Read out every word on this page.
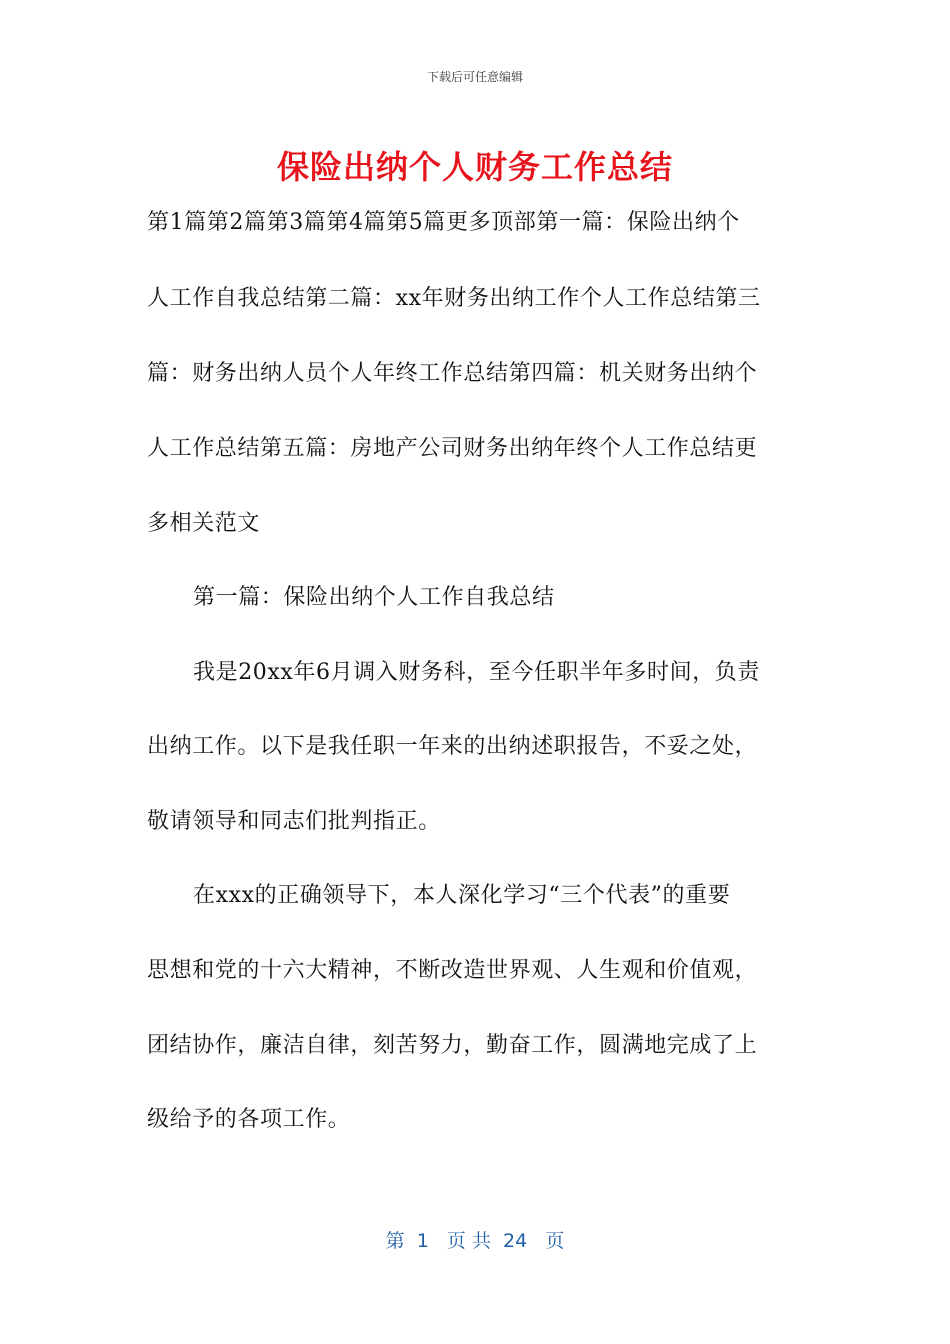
下载后可任意编辑
保险出纳个人财务工作总结
第1篇第2篇第3篇第4篇第5篇更多顶部第一篇：保险出纳个
人工作自我总结第二篇：xx年财务出纳工作个人工作总结第三
篇：财务出纳人员个人年终工作总结第四篇：机关财务出纳个
人工作总结第五篇：房地产公司财务出纳年终个人工作总结更
多相关范文
第一篇：保险出纳个人工作自我总结
我是20xx年6月调入财务科，至今任职半年多时间，负责
出纳工作。以下是我任职一年来的出纳述职报告，不妥之处，
敬请领导和同志们批判指正。
在xxx的正确领导下，本人深化学习“三个代表”的重要
思想和党的十六大精神，不断改造世界观、人生观和价值观，
团结协作，廉洁自律，刻苦努力，勤奋工作，圆满地完成了上
级给予的各项工作。
第  1   页 共  24   页
